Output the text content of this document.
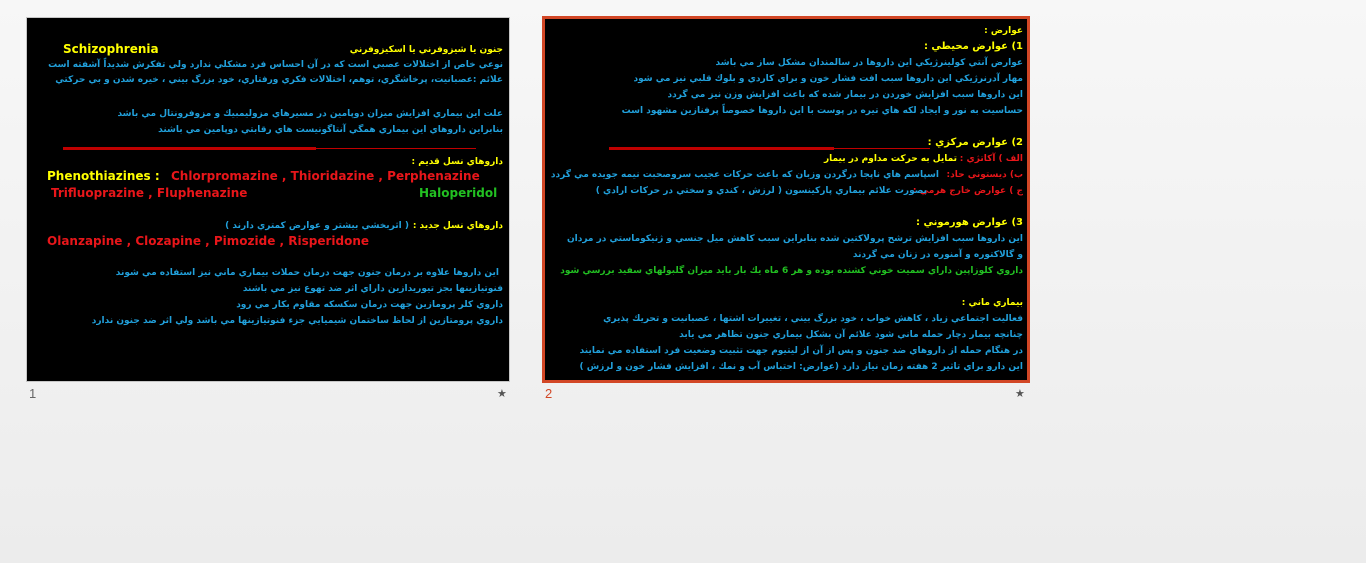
جنون يا شيزوفرني يا اسكيزوفرني
Schizophrenia
نوعي خاص از اختلالات عصبي است كه در آن احساس فرد مشكلي ندارد ولي تفكرش شديداً آشفته است
علائم :عصبانيت، پرخاشگري، توهم، اختلالات فكري ورفتاري، خود بزرگ بيني ، خيره شدن و بي حركتي
علت اين بيماري افزايش ميزان دوپامين در مسيرهاي مزوليمبيك و مزوفرونتال مي باشد
بنابراين داروهاي اين بيماري همگي آنتاگونيست هاي رقابتي دوپامين مي باشند
داروهاي نسل قديم :
Phenothiazines : Chlorpromazine , Thioridazine , Perphenazine
Trifluoprazine , Fluphenazine	Haloperidol
داروهاي نسل جديد :
( اثربخشي بيشتر و عوارض كمتري دارند )
Olanzapine , Clozapine , Pimozide , Risperidone
اين داروها علاوه بر درمان جنون جهت درمان حملات بيماري ماني نيز استفاده مي شوند
فنوتيازينها بجز تيوريدازين داراي اثر ضد تهوع نيز مي باشند
داروي كلر پرومازين جهت درمان سكسكه مقاوم بكار مي رود
داروي پرومتازين از لحاظ ساختمان شيميايي جزء فنوتيازينها مي باشد ولي اثر ضد جنون ندارد
1	★
عوارض :
1) عوارض محيطي :
عوارض آنتي كولينرژيكي اين داروها در سالمندان مشكل ساز مي باشد
مهار آدرنرژيكي اين داروها سبب افت فشار خون و براي كاردي و بلوك قلبي نيز مي شود
اين داروها سبب افزايش خوردن در بيمار شده كه باعث افزايش وزن نيز مي گردد
حساسيت به نور و ايجاد لكه هاي تيره در پوست با اين داروها خصوصاً پرفنازين مشهود است
2) عوارض مركزي :
الف ) آكاتژي :
تمايل به حركت مداوم در بيمار
ب) ديستوني حاد:
اسپاسم هاي ناپجا درگردن وزبان كه باعث حركات عجيب سروصحبت نيمه جويده مي گردد
ج ) عوارض خارج هرمي :
بصورت علائم بيماري پاركينسون ( لرزش ، كندي و سختي در حركات ارادي )
3) عوارض هورموني :
اين داروها سبب افزايش ترشح پرولاكتين شده بنابراين سبب كاهش ميل جنسي و ژنيكوماستي در مردان
و گالاكتوره و آمنوره در زنان مي گردند
داروي كلوزاپين داراي سميت خوني كشنده بوده و هر 6 ماه يك بار بايد ميزان گلبولهاي سفيد بررسي شود
بيماري ماني :
فعاليت اجتماعي زياد ، كاهش خواب ، خود بزرگ بيني ، تغييرات اشتها ، عصبانيت و تحريك پذيري
چنانچه بيمار دچار حمله ماني شود علائم آن بشكل بيماري جنون تظاهر مي يابد
در هنگام حمله از داروهاي ضد جنون و پس از آن از ليتيوم جهت تثبيت وضعيت فرد استفاده مي نمايند
اين دارو براي تاثير 2 هفته زمان نياز دارد (عوارض: احتباس آب و نمك ، افزايش فشار خون و لرزش )
2	★
